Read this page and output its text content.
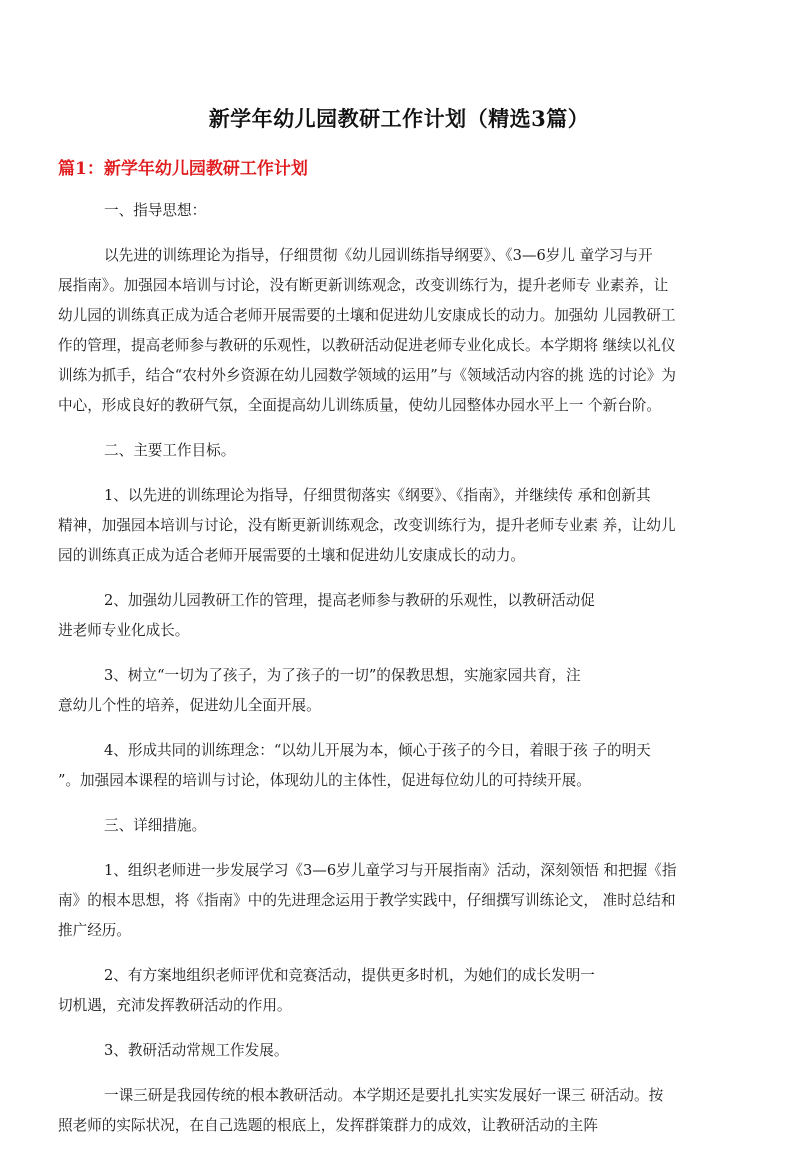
新学年幼儿园教研工作计划（精选3篇）
篇1：新学年幼儿园教研工作计划
一、指导思想：
以先进的训练理论为指导，仔细贯彻《幼儿园训练指导纲要》、《3—6岁儿 童学习与开
展指南》。加强园本培训与讨论，没有断更新训练观念，改变训练行为，提升老师专 业素养，让
幼儿园的训练真正成为适合老师开展需要的土壤和促进幼儿安康成长的动力。加强幼 儿园教研工
作的管理，提高老师参与教研的乐观性，以教研活动促进老师专业化成长。本学期将 继续以礼仪
训练为抓手，结合“农村外乡资源在幼儿园数学领域的运用”与《领域活动内容的挑 选的讨论》为
中心，形成良好的教研气氛，全面提高幼儿训练质量，使幼儿园整体办园水平上一 个新台阶。
二、主要工作目标。
1、以先进的训练理论为指导，仔细贯彻落实《纲要》、《指南》，并继续传 承和创新其
精神，加强园本培训与讨论，没有断更新训练观念，改变训练行为，提升老师专业素 养，让幼儿
园的训练真正成为适合老师开展需要的土壤和促进幼儿安康成长的动力。
2、加强幼儿园教研工作的管理，提高老师参与教研的乐观性，以教研活动促
进老师专业化成长。
3、树立“一切为了孩子，为了孩子的一切”的保教思想，实施家园共育，注
意幼儿个性的培养，促进幼儿全面开展。
4、形成共同的训练理念：“以幼儿开展为本，倾心于孩子的今日，着眼于孩 子的明天
”。加强园本课程的培训与讨论，体现幼儿的主体性，促进每位幼儿的可持续开展。
三、详细措施。
1、组织老师进一步发展学习《3—6岁儿童学习与开展指南》活动，深刻领悟 和把握《指
南》的根本思想，将《指南》中的先进理念运用于教学实践中，仔细撰写训练论文， 准时总结和
推广经历。
2、有方案地组织老师评优和竞赛活动，提供更多时机，为她们的成长发明一
切机遇，充沛发挥教研活动的作用。
3、教研活动常规工作发展。
一课三研是我园传统的根本教研活动。本学期还是要扎扎实实发展好一课三 研活动。按
照老师的实际状况，在自己选题的根底上，发挥群策群力的成效，让教研活动的主阵
